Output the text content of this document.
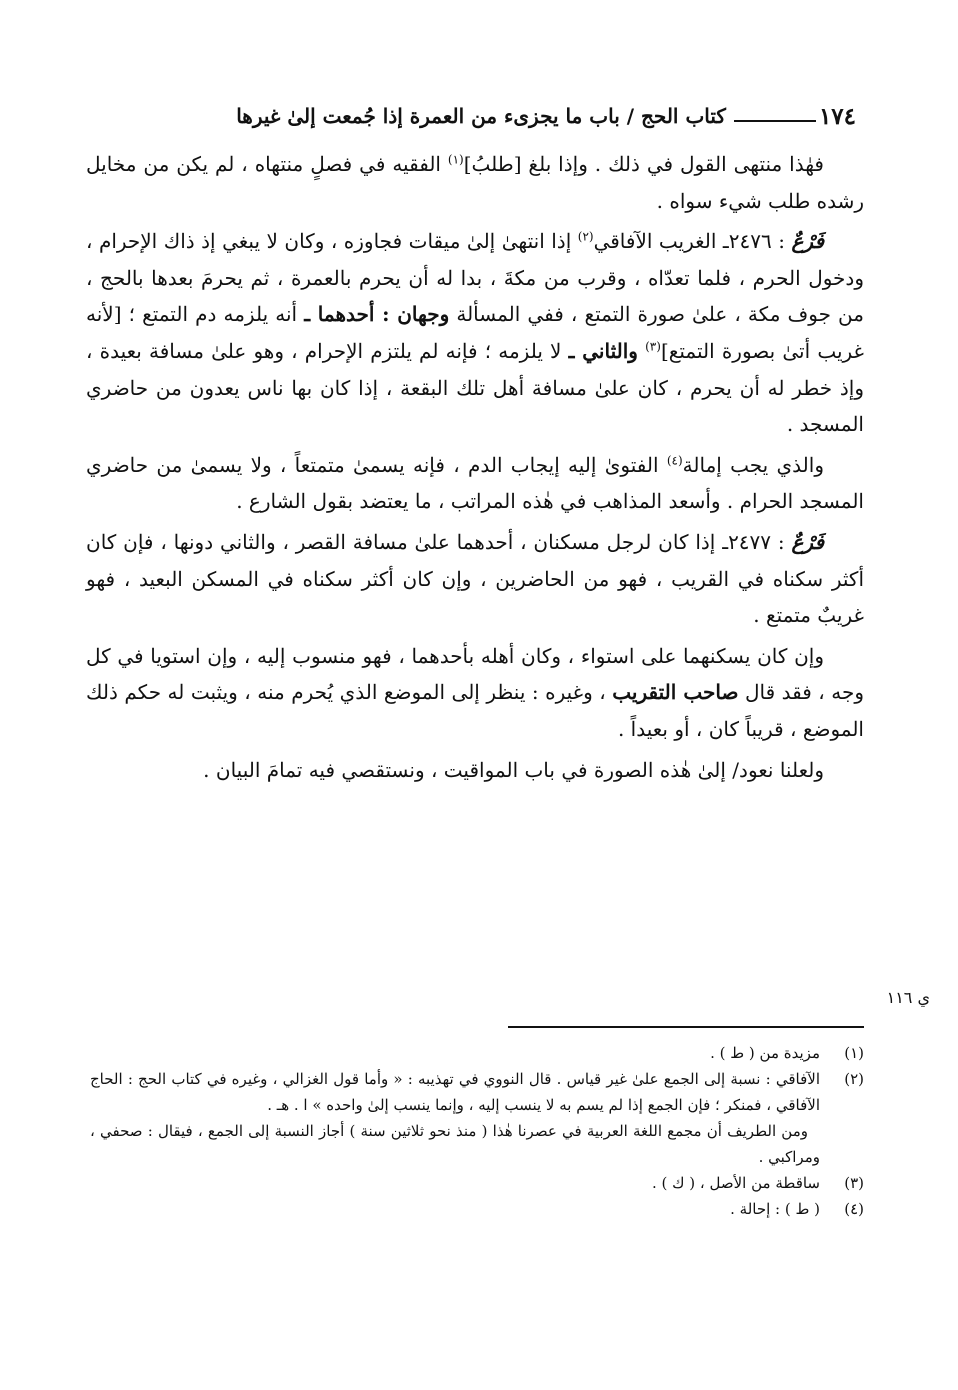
١٧٤
كتاب الحج / باب ما يجزىء من العمرة إذا جُمعت إلىٰ غيرها

فهٰذا منتهى القول في ذلك . وإذا بلغ [طلبُ]$^{(١)}$ الفقيه في فصلٍ منتهاه ، لم يكن من مخايل رشده طلب شيء سواه .

فَرْعٌ : ٢٤٧٦ـ الغريب الآفاقي$^{(٢)}$ إذا انتهىٰ إلىٰ ميقات فجاوزه ، وكان لا يبغي إذ ذاك الإحرام ، ودخول الحرم ، فلما تعدّاه ، وقرب من مكةَ ، بدا له أن يحرم بالعمرة ، ثم يحرمَ بعدها بالحج ، من جوف مكة ، علىٰ صورة التمتع ، ففي المسألة وجهان : أحدهما ـ أنه يلزمه دم التمتع ؛ [لأنه غريب أتىٰ بصورة التمتع]$^{(٣)}$ والثاني ـ لا يلزمه ؛ فإنه لم يلتزم الإحرام ، وهو علىٰ مسافة بعيدة ، وإذ خطر له أن يحرم ، كان علىٰ مسافة أهل تلك البقعة ، إذا كان بها ناس يعدون من حاضري المسجد .

والذي يجب إمالة$^{(٤)}$ الفتوىٰ إليه إيجاب الدم ، فإنه يسمىٰ متمتعاً ، ولا يسمىٰ من حاضري المسجد الحرام . وأسعد المذاهب في هٰذه المراتب ، ما يعتضد بقول الشارع .

فَرْعٌ : ٢٤٧٧ـ إذا كان لرجل مسكنان ، أحدهما علىٰ مسافة القصر ، والثاني دونها ، فإن كان أكثر سكناه في القريب ، فهو من الحاضرين ، وإن كان أكثر سكناه في المسكن البعيد ، فهو غريبٌ متمتع .

وإن كان يسكنهما على استواء ، وكان أهله بأحدهما ، فهو منسوب إليه ، وإن استويا في كل وجه ، فقد قال صاحب التقريب ، وغيره : ينظر إلى الموضع الذي يُحرم منه ، ويثبت له حكم ذلك الموضع ، قريباً كان ، أو بعيداً .

ولعلنا نعود/ إلىٰ هٰذه الصورة في باب المواقيت ، ونستقصي فيه تمامَ البيان .

ي ١١٦
(١)
مزيدة من ( ط ) .
(٢)
الآفاقي : نسبة إلى الجمع علىٰ غير قياس . قال النووي في تهذيبه : « وأما قول الغزالي ، وغيره في كتاب الحج : الحاج الآفاقي ، فمنكر ؛ فإن الجمع إذا لم يسم به لا ينسب إليه ، وإنما ينسب إلىٰ واحده » ا . هـ .
ومن الطريف أن مجمع اللغة العربية في عصرنا هٰذا ( منذ نحو ثلاثين سنة ) أجاز النسبة إلى الجمع ، فيقال : صحفي ، ومراكبي .
(٣)
ساقطة من الأصل ، ( ك ) .
(٤)
( ط ) : إحالة .
